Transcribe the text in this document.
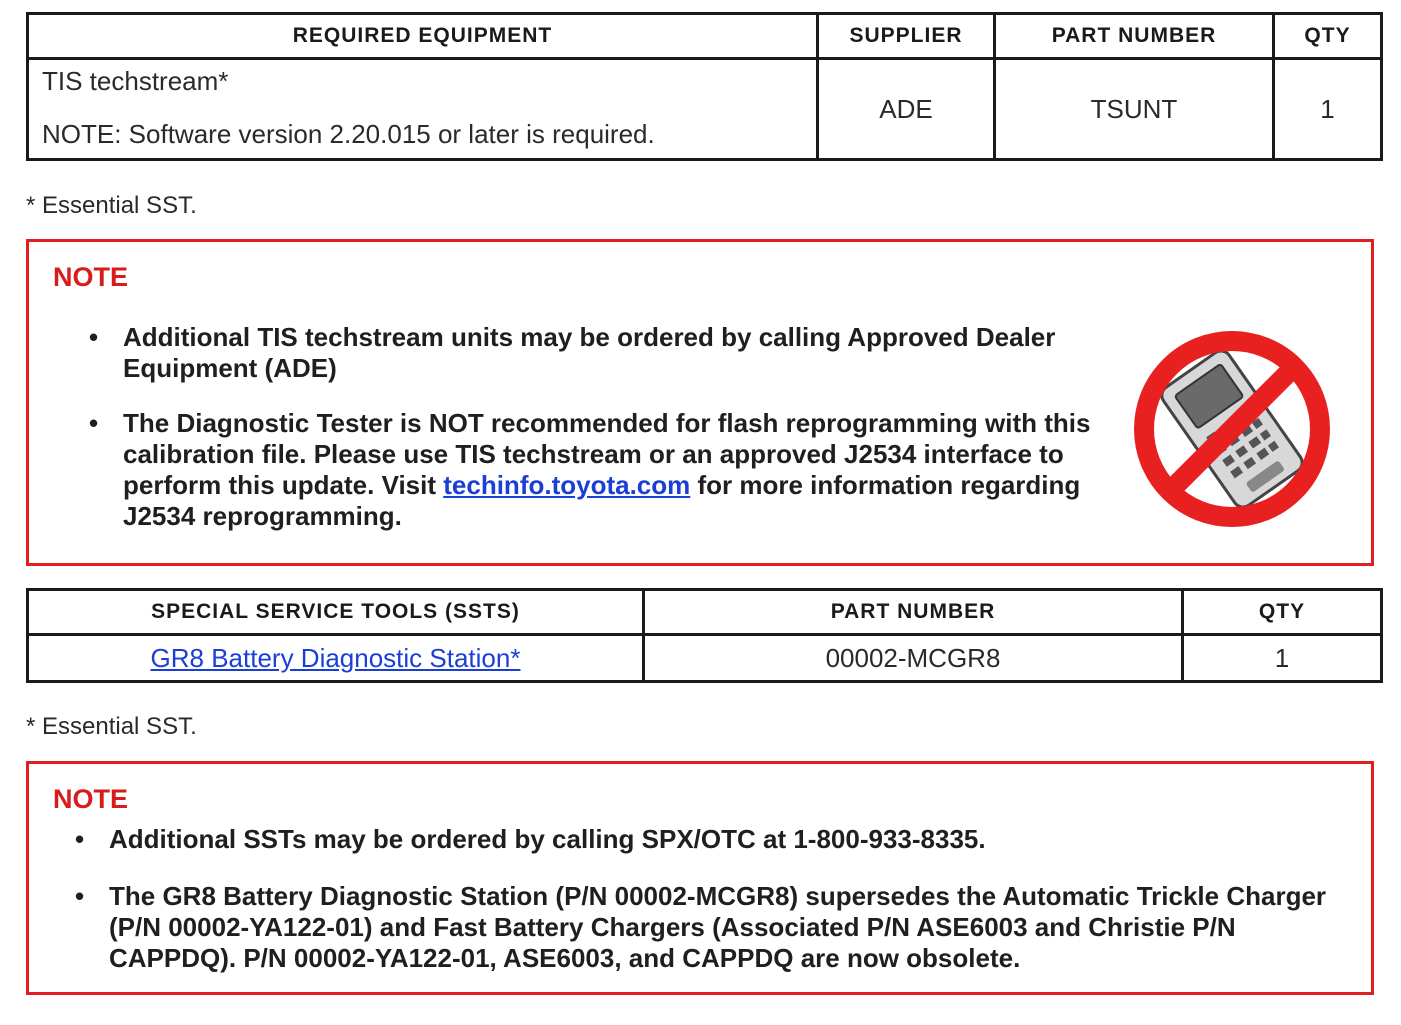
REQUIRED EQUIPMENT	SUPPLIER	PART NUMBER	QTY

TIS techstream*
NOTE: Software version 2.20.015 or later is required.	ADE	TSUNT	1
* Essential SST.
NOTE
• Additional TIS techstream units may be ordered by calling Approved Dealer Equipment (ADE)
• The Diagnostic Tester is NOT recommended for flash reprogramming with this calibration file. Please use TIS techstream or an approved J2534 interface to perform this update. Visit techinfo.toyota.com for more information regarding J2534 reprogramming.
SPECIAL SERVICE TOOLS (SSTS)	PART NUMBER	QTY
GR8 Battery Diagnostic Station*	00002-MCGR8	1
* Essential SST.
NOTE
• Additional SSTs may be ordered by calling SPX/OTC at 1-800-933-8335.
• The GR8 Battery Diagnostic Station (P/N 00002-MCGR8) supersedes the Automatic Trickle Charger (P/N 00002-YA122-01) and Fast Battery Chargers (Associated P/N ASE6003 and Christie P/N CAPPDQ). P/N 00002-YA122-01, ASE6003, and CAPPDQ are now obsolete.
